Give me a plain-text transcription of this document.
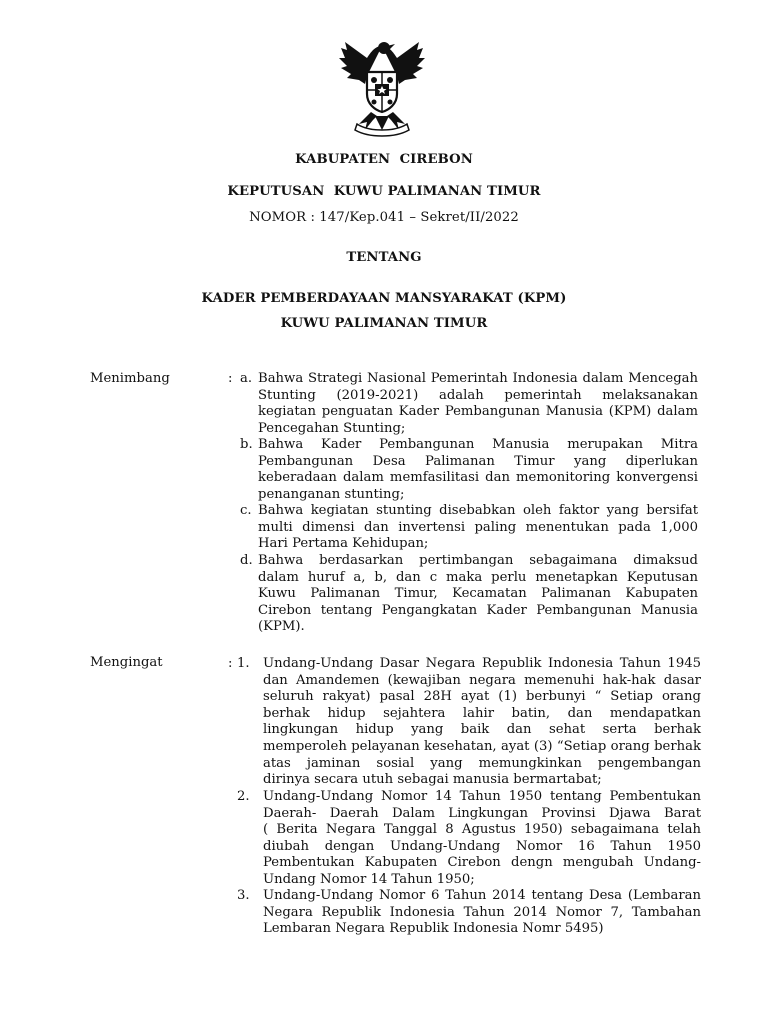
KABUPATEN  CIREBON
KEPUTUSAN  KUWU PALIMANAN TIMUR
NOMOR : 147/Kep.041 – Sekret/II/2022
TENTANG
KADER PEMBERDAYAAN MANSYARAKAT (KPM)
KUWU PALIMANAN TIMUR
Menimbang	: a. Bahwa Strategi Nasional Pemerintah Indonesia dalam Mencegah
Stunting (2019-2021) adalah pemerintah melaksanakan
kegiatan penguatan Kader Pembangunan Manusia (KPM) dalam
Pencegahan Stunting;
b. Bahwa Kader Pembangunan Manusia merupakan Mitra
Pembangunan Desa Palimanan Timur yang diperlukan
keberadaan dalam memfasilitasi dan memonitoring konvergensi
penanganan stunting;
c. Bahwa kegiatan stunting disebabkan oleh faktor yang bersifat
multi dimensi dan invertensi paling menentukan pada 1,000
Hari Pertama Kehidupan;
d. Bahwa berdasarkan pertimbangan sebagaimana dimaksud
dalam huruf a, b, dan c maka perlu menetapkan Keputusan
Kuwu Palimanan Timur, Kecamatan Palimanan Kabupaten
Cirebon tentang Pengangkatan Kader Pembangunan Manusia
(KPM).
Mengingat	: 1. Undang-Undang Dasar Negara Republik Indonesia Tahun 1945
dan Amandemen (kewajiban negara memenuhi hak-hak dasar
seluruh rakyat) pasal 28H ayat (1) berbunyi “ Setiap orang
berhak hidup sejahtera lahir batin, dan mendapatkan
lingkungan hidup yang baik dan sehat serta berhak
memperoleh pelayanan kesehatan, ayat (3) “Setiap orang berhak
atas jaminan sosial yang memungkinkan pengembangan
dirinya secara utuh sebagai manusia bermartabat;
2. Undang-Undang Nomor 14 Tahun 1950 tentang Pembentukan
Daerah- Daerah Dalam Lingkungan Provinsi Djawa Barat
( Berita Negara Tanggal 8 Agustus 1950) sebagaimana telah
diubah dengan Undang-Undang Nomor 16 Tahun 1950
Pembentukan Kabupaten Cirebon dengn mengubah Undang-
Undang Nomor 14 Tahun 1950;
3. Undang-Undang Nomor 6 Tahun 2014 tentang Desa (Lembaran
Negara Republik Indonesia Tahun 2014 Nomor 7, Tambahan
Lembaran Negara Republik Indonesia Nomr 5495)
